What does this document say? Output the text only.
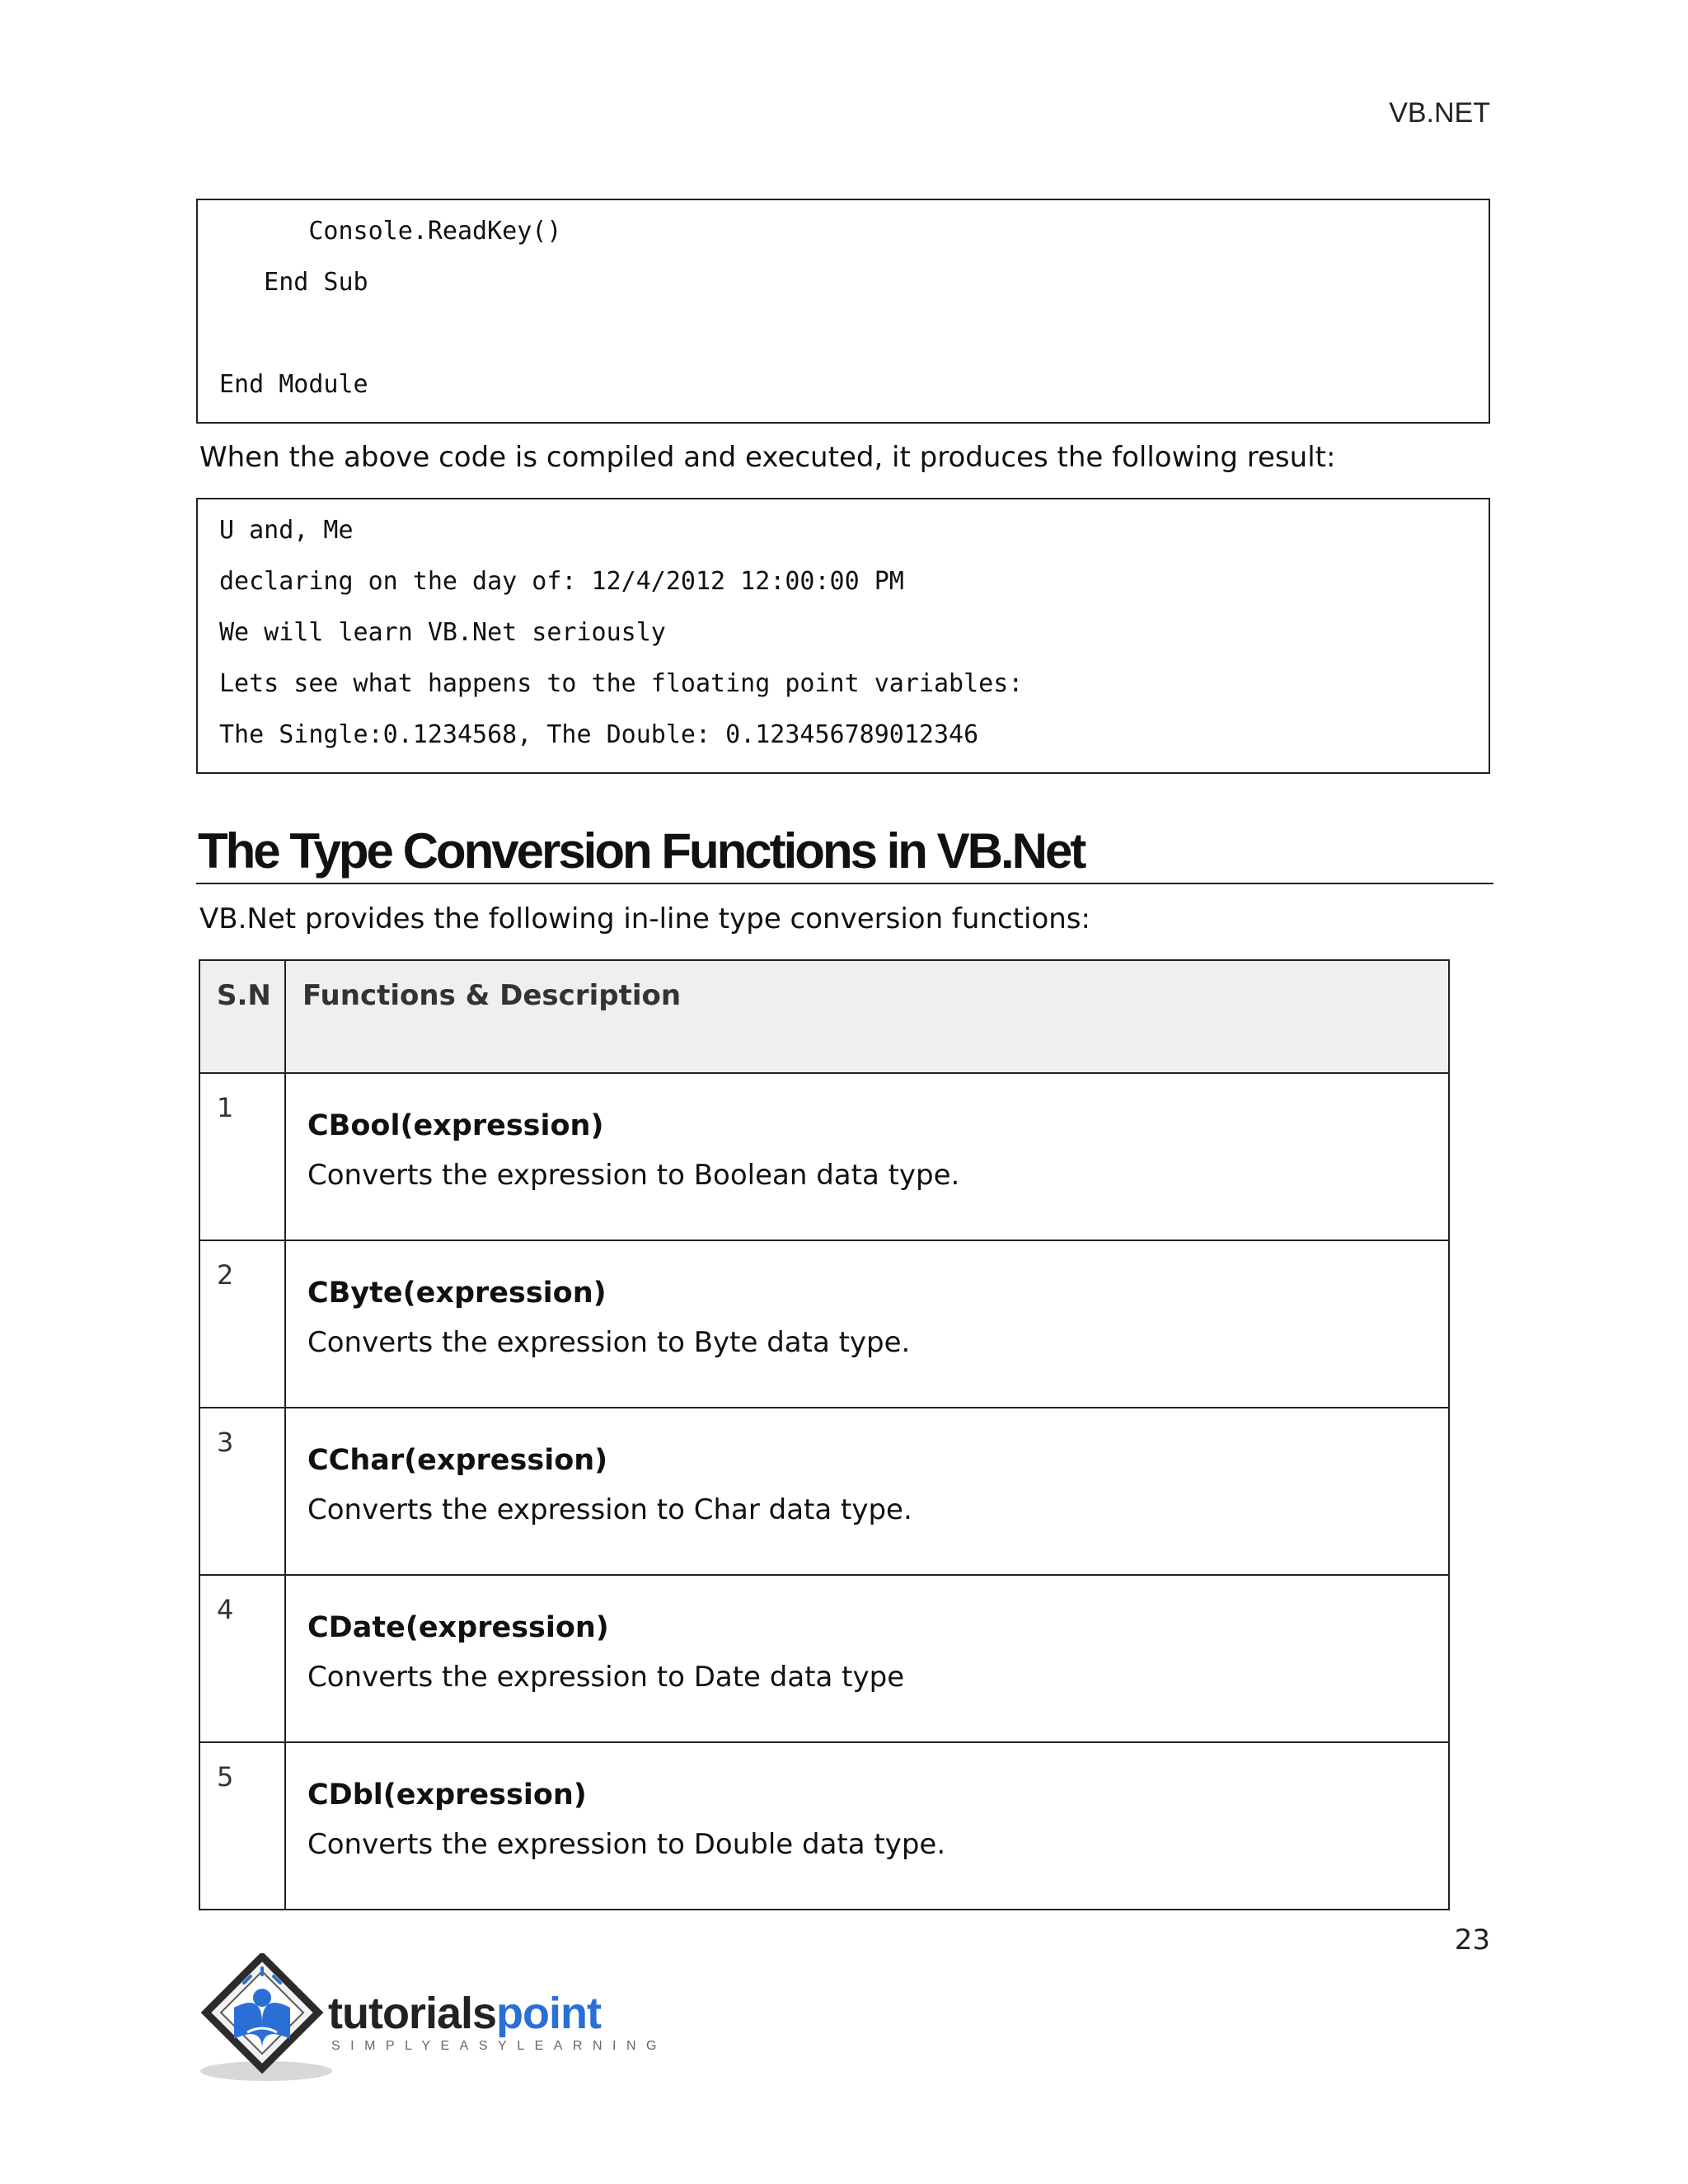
VB.NET
Console.ReadKey()
End Sub
End Module
When the above code is compiled and executed, it produces the following result:
U and, Me
declaring on the day of: 12/4/2012 12:00:00 PM
We will learn VB.Net seriously
Lets see what happens to the floating point variables:
The Single:0.1234568, The Double: 0.123456789012346
The Type Conversion Functions in VB.Net
VB.Net provides the following in-line type conversion functions:
S.N	Functions & Description

1	CBool(expression)
Converts the expression to Boolean data type.

2	CByte(expression)
Converts the expression to Byte data type.

3	CChar(expression)
Converts the expression to Char data type.

4	CDate(expression)
Converts the expression to Date data type

5	CDbl(expression)
Converts the expression to Double data type.
23
tutorialspoint
SIMPLYEASYLEARNING
